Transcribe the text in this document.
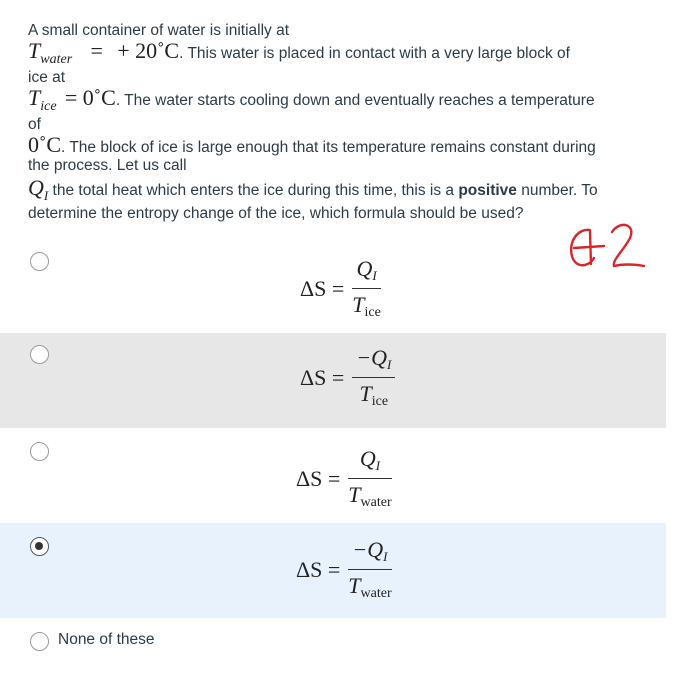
A small container of water is initially at
Twater = + 20˚C. This water is placed in contact with a very large block of
ice at
Tice = 0˚C. The water starts cooling down and eventually reaches a temperature
of
0˚C. The block of ice is large enough that its temperature remains constant during
the process. Let us call
$Q_I$ the total heat which enters the ice during this time, this is a positive number. To
determine the entropy change of the ice, which formula should be used?
$\Delta S = \frac{QI}{\text{Tice}}$
$\Delta S = \frac{-QI}{\text{Tice}}$
$\Delta S = \frac{QI}{\text{Twater}}$
$\Delta S = \frac{-QI}{\text{Twater}}$
None of these
